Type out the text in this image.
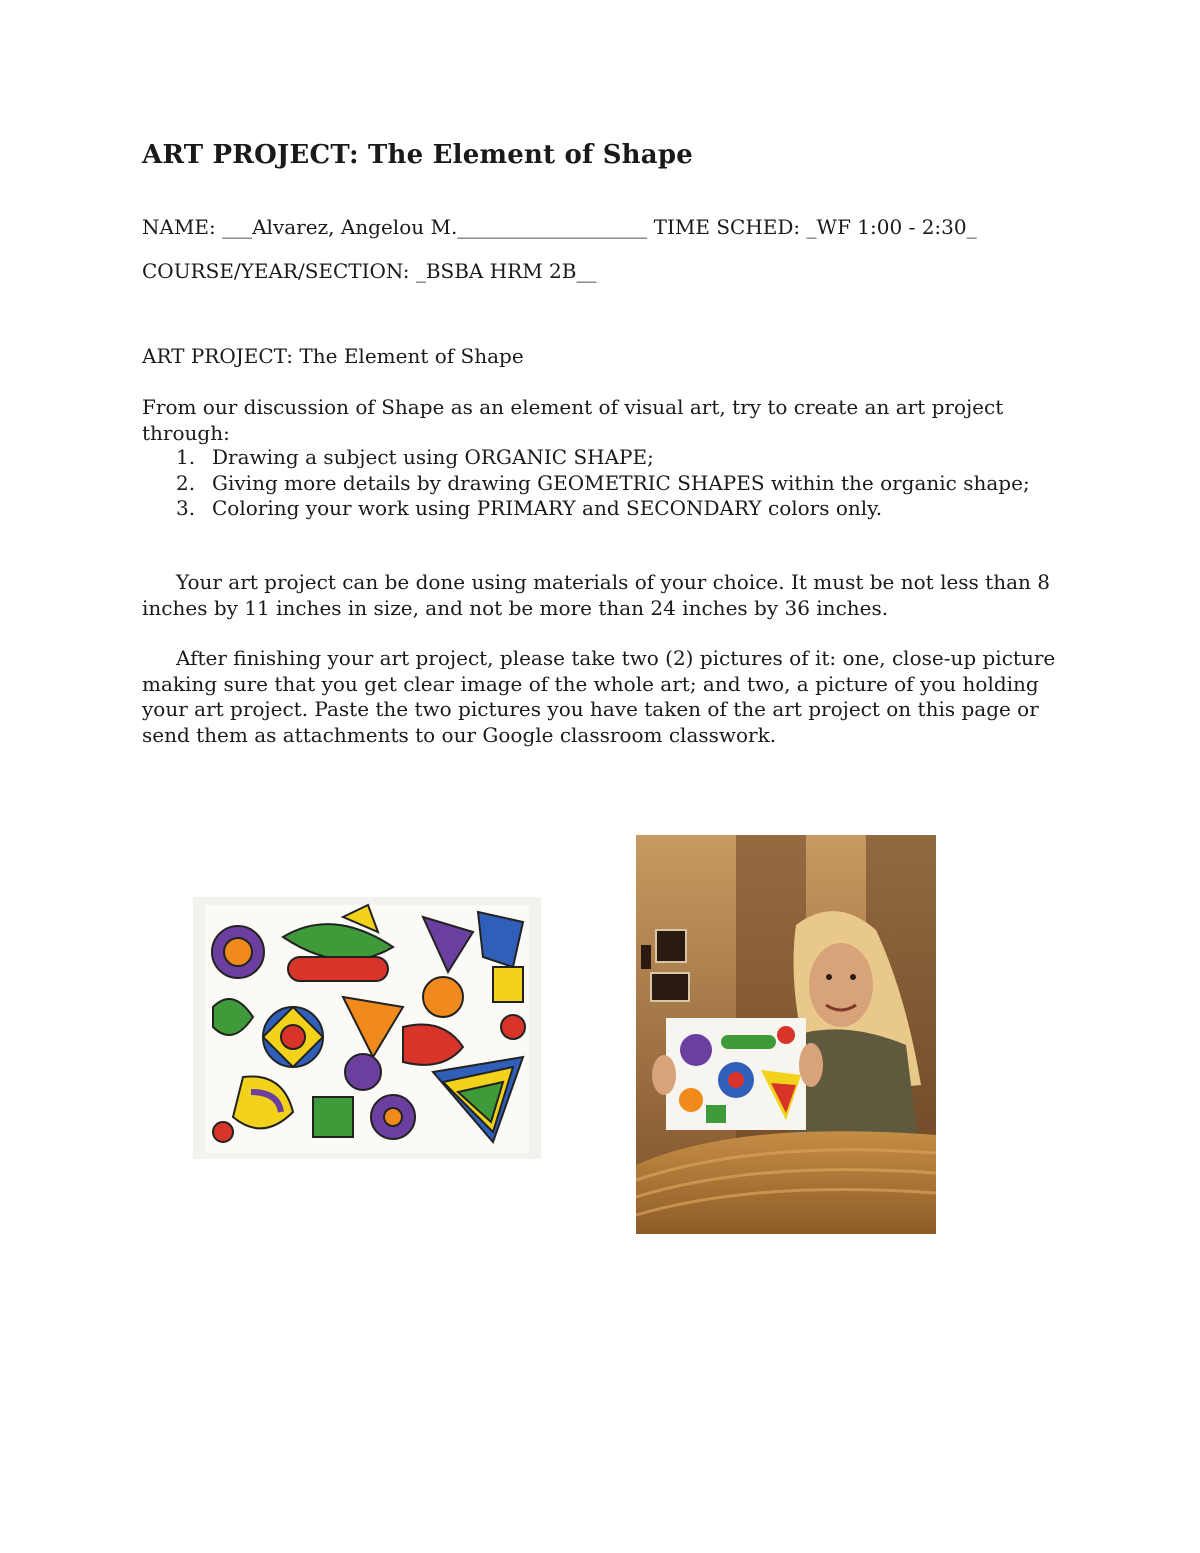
ART PROJECT: The Element of Shape
NAME: ___Alvarez, Angelou M.___________________ TIME SCHED: _WF 1:00 - 2:30_
COURSE/YEAR/SECTION: _BSBA HRM 2B__
ART PROJECT: The Element of Shape

From our discussion of Shape as an element of visual art, try to create an art project through:

1. Drawing a subject using ORGANIC SHAPE;
2. Giving more details by drawing GEOMETRIC SHAPES within the organic shape;
3. Coloring your work using PRIMARY and SECONDARY colors only.

Your art project can be done using materials of your choice. It must be not less than 8 inches by 11 inches in size, and not be more than 24 inches by 36 inches.

After finishing your art project, please take two (2) pictures of it: one, close-up picture making sure that you get clear image of the whole art; and two, a picture of you holding your art project. Paste the two pictures you have taken of the art project on this page or send them as attachments to our Google classroom classwork.
